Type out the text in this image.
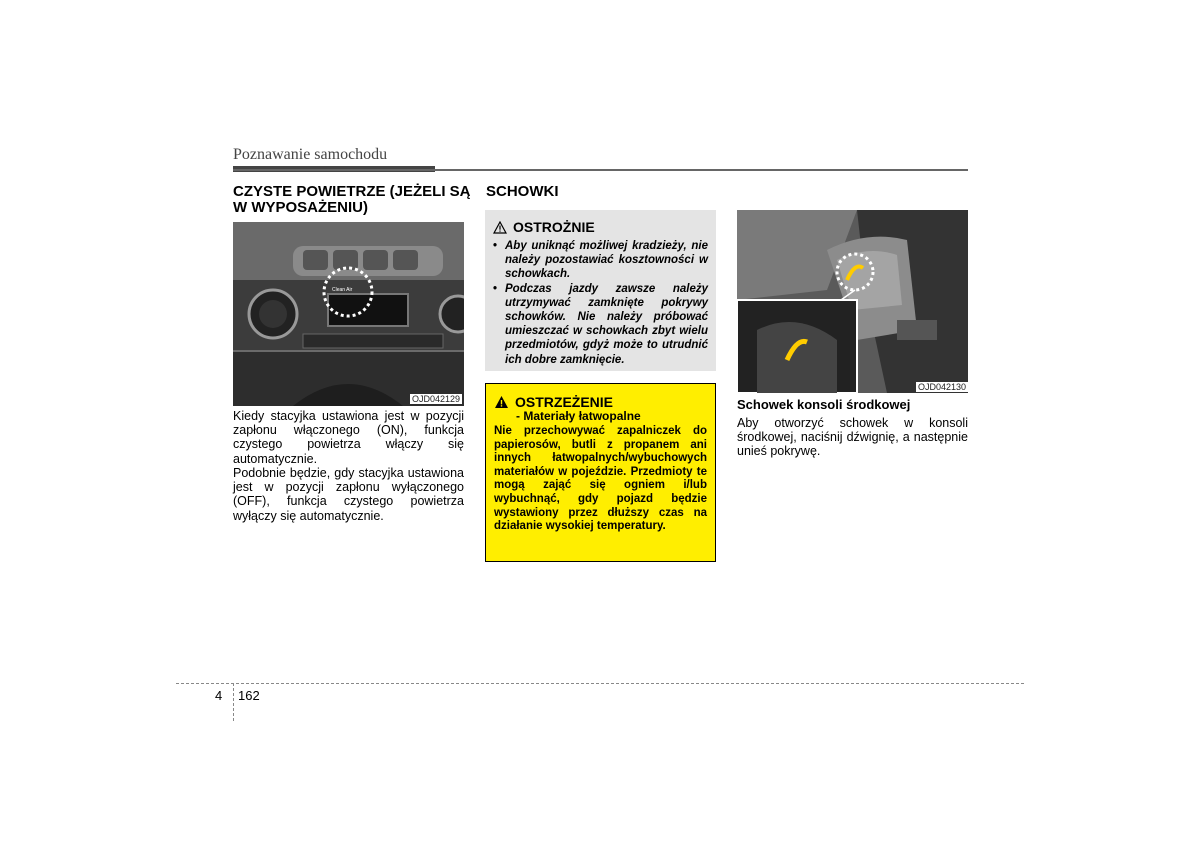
Poznawanie samochodu
CZYSTE POWIETRZE (JEŻELI SĄ W WYPOSAŻENIU)
Clean Air
OJD042129
Kiedy stacyjka ustawiona jest w pozycji zapłonu włączonego (ON), funkcja czystego powietrza włączy się automatycznie.
Podobnie będzie, gdy stacyjka ustawiona jest w pozycji zapłonu wyłączonego (OFF), funkcja czystego powietrza wyłączy się automatycznie.
SCHOWKI
OSTROŻNIE
• Aby uniknąć możliwej kradzieży, nie należy pozostawiać kosztowności w schowkach.
• Podczas jazdy zawsze należy utrzymywać zamknięte pokrywy schowków. Nie należy próbować umieszczać w schowkach zbyt wielu przedmiotów, gdyż może to utrudnić ich dobre zamknięcie.
OSTRZEŻENIE
- Materiały łatwopalne
Nie przechowywać zapalniczek do papierosów, butli z propanem ani innych łatwopalnych/wybuchowych materiałów w pojeździe. Przedmioty te mogą zająć się ogniem i/lub wybuchnąć, gdy pojazd będzie wystawiony przez dłuższy czas na działanie wysokiej temperatury.
OJD042130
Schowek konsoli środkowej
Aby otworzyć schowek w konsoli środkowej, naciśnij dźwignię, a następnie unieś pokrywę.
4 162
